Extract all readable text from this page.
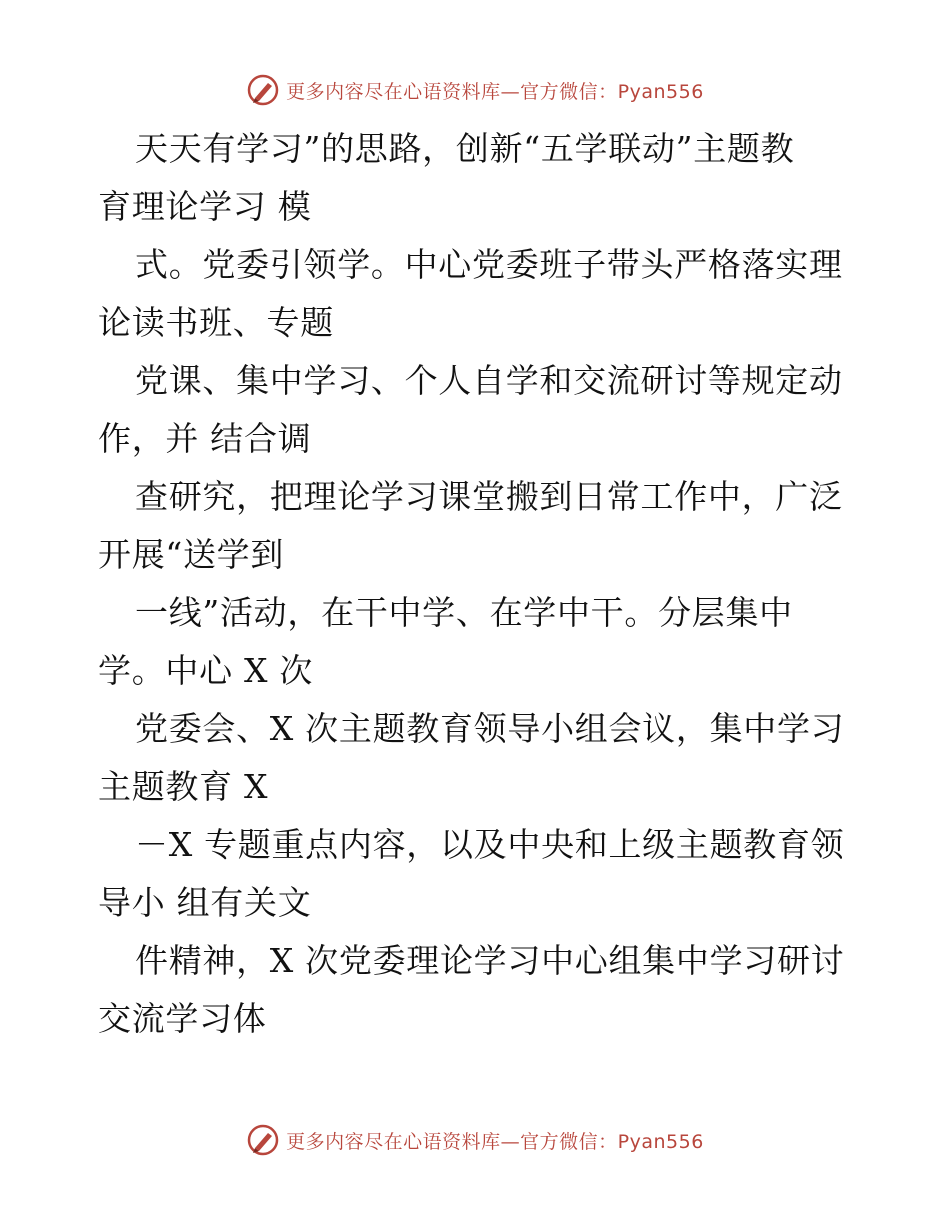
更多内容尽在心语资料库—官方微信：Pyan556
天天有学习”的思路，创新“五学联动”主题教
育理论学习 模
式。党委引领学。中心党委班子带头严格落实理
论读书班、专题
党课、集中学习、个人自学和交流研讨等规定动
作，并 结合调
查研究，把理论学习课堂搬到日常工作中，广泛
开展“送学到
一线”活动，在干中学、在学中干。分层集中
学。中心 X 次
党委会、X 次主题教育领导小组会议，集中学习
主题教育 X
－X 专题重点内容，以及中央和上级主题教育领
导小 组有关文
件精神，X 次党委理论学习中心组集中学习研讨
交流学习体
更多内容尽在心语资料库—官方微信：Pyan556
